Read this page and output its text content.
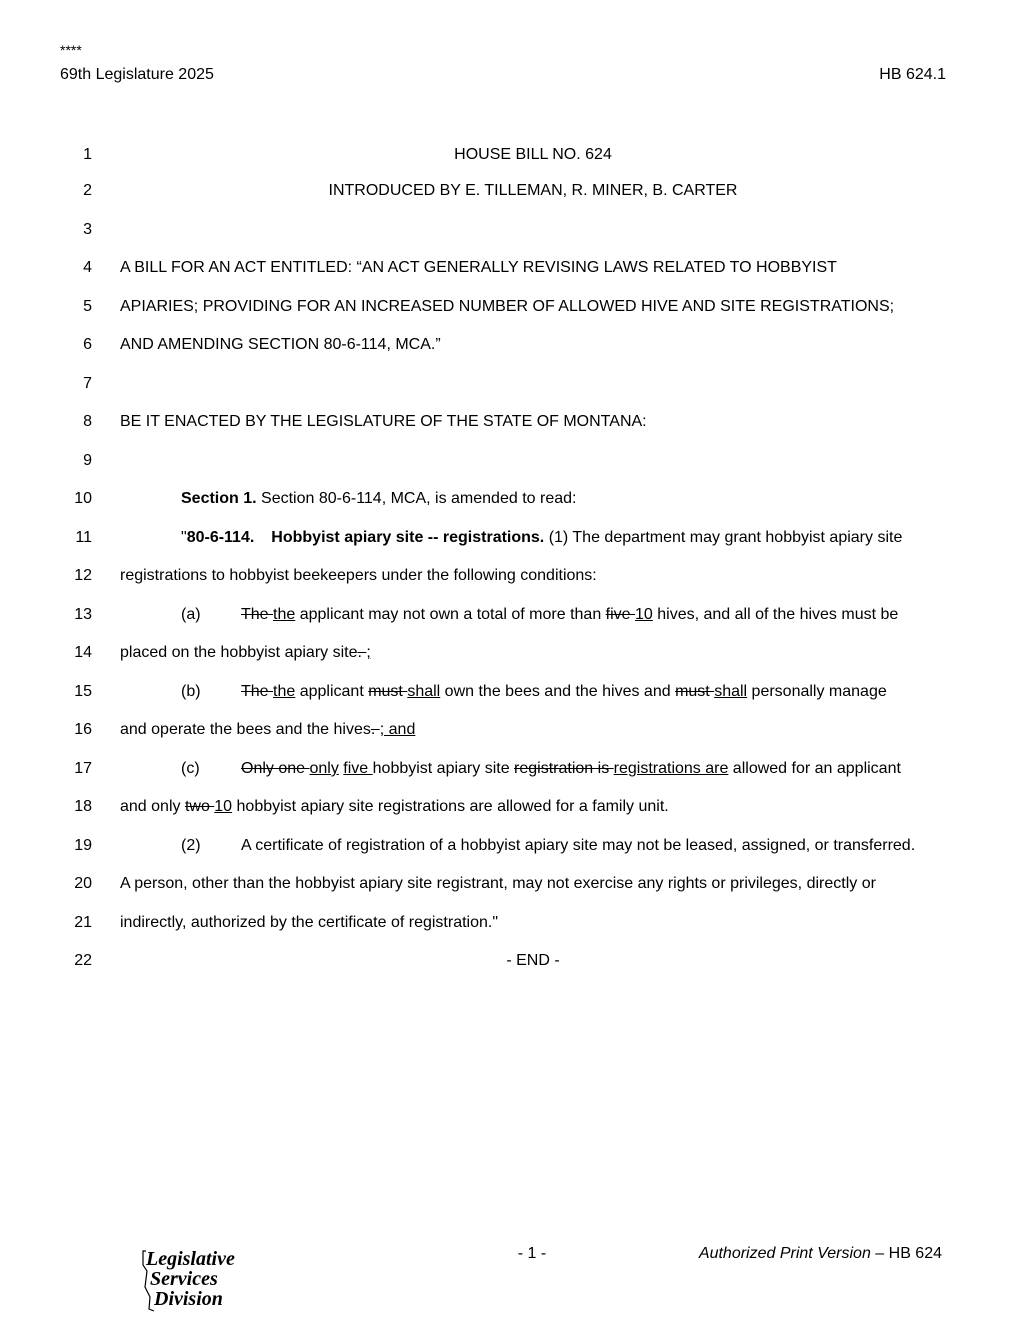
****
69th Legislature 2025	HB 624.1
1
2
3
4
5
6
7
8
9
10
11
12
13
14
15
16
17
18
19
20
21
22
HOUSE BILL NO. 624
INTRODUCED BY E. TILLEMAN, R. MINER, B. CARTER
A BILL FOR AN ACT ENTITLED: “AN ACT GENERALLY REVISING LAWS RELATED TO HOBBYIST
APIARIES; PROVIDING FOR AN INCREASED NUMBER OF ALLOWED HIVE AND SITE REGISTRATIONS;
AND AMENDING SECTION 80-6-114, MCA.”
BE IT ENACTED BY THE LEGISLATURE OF THE STATE OF MONTANA:
Section 1. Section 80-6-114, MCA, is amended to read:
"80-6-114. Hobbyist apiary site -- registrations. (1) The department may grant hobbyist apiary site
registrations to hobbyist beekeepers under the following conditions:
(a)	The the applicant may not own a total of more than five 10 hives, and all of the hives must be
placed on the hobbyist apiary site. ;
(b)	The the applicant must shall own the bees and the hives and must shall personally manage
and operate the bees and the hives. ; and
(c)	Only one only five hobbyist apiary site registration is registrations are allowed for an applicant
and only two 10 hobbyist apiary site registrations are allowed for a family unit.
(2)	A certificate of registration of a hobbyist apiary site may not be leased, assigned, or transferred.
A person, other than the hobbyist apiary site registrant, may not exercise any rights or privileges, directly or
indirectly, authorized by the certificate of registration."
- END -
Legislative
Services
Division
- 1 -	Authorized Print Version – HB 624
